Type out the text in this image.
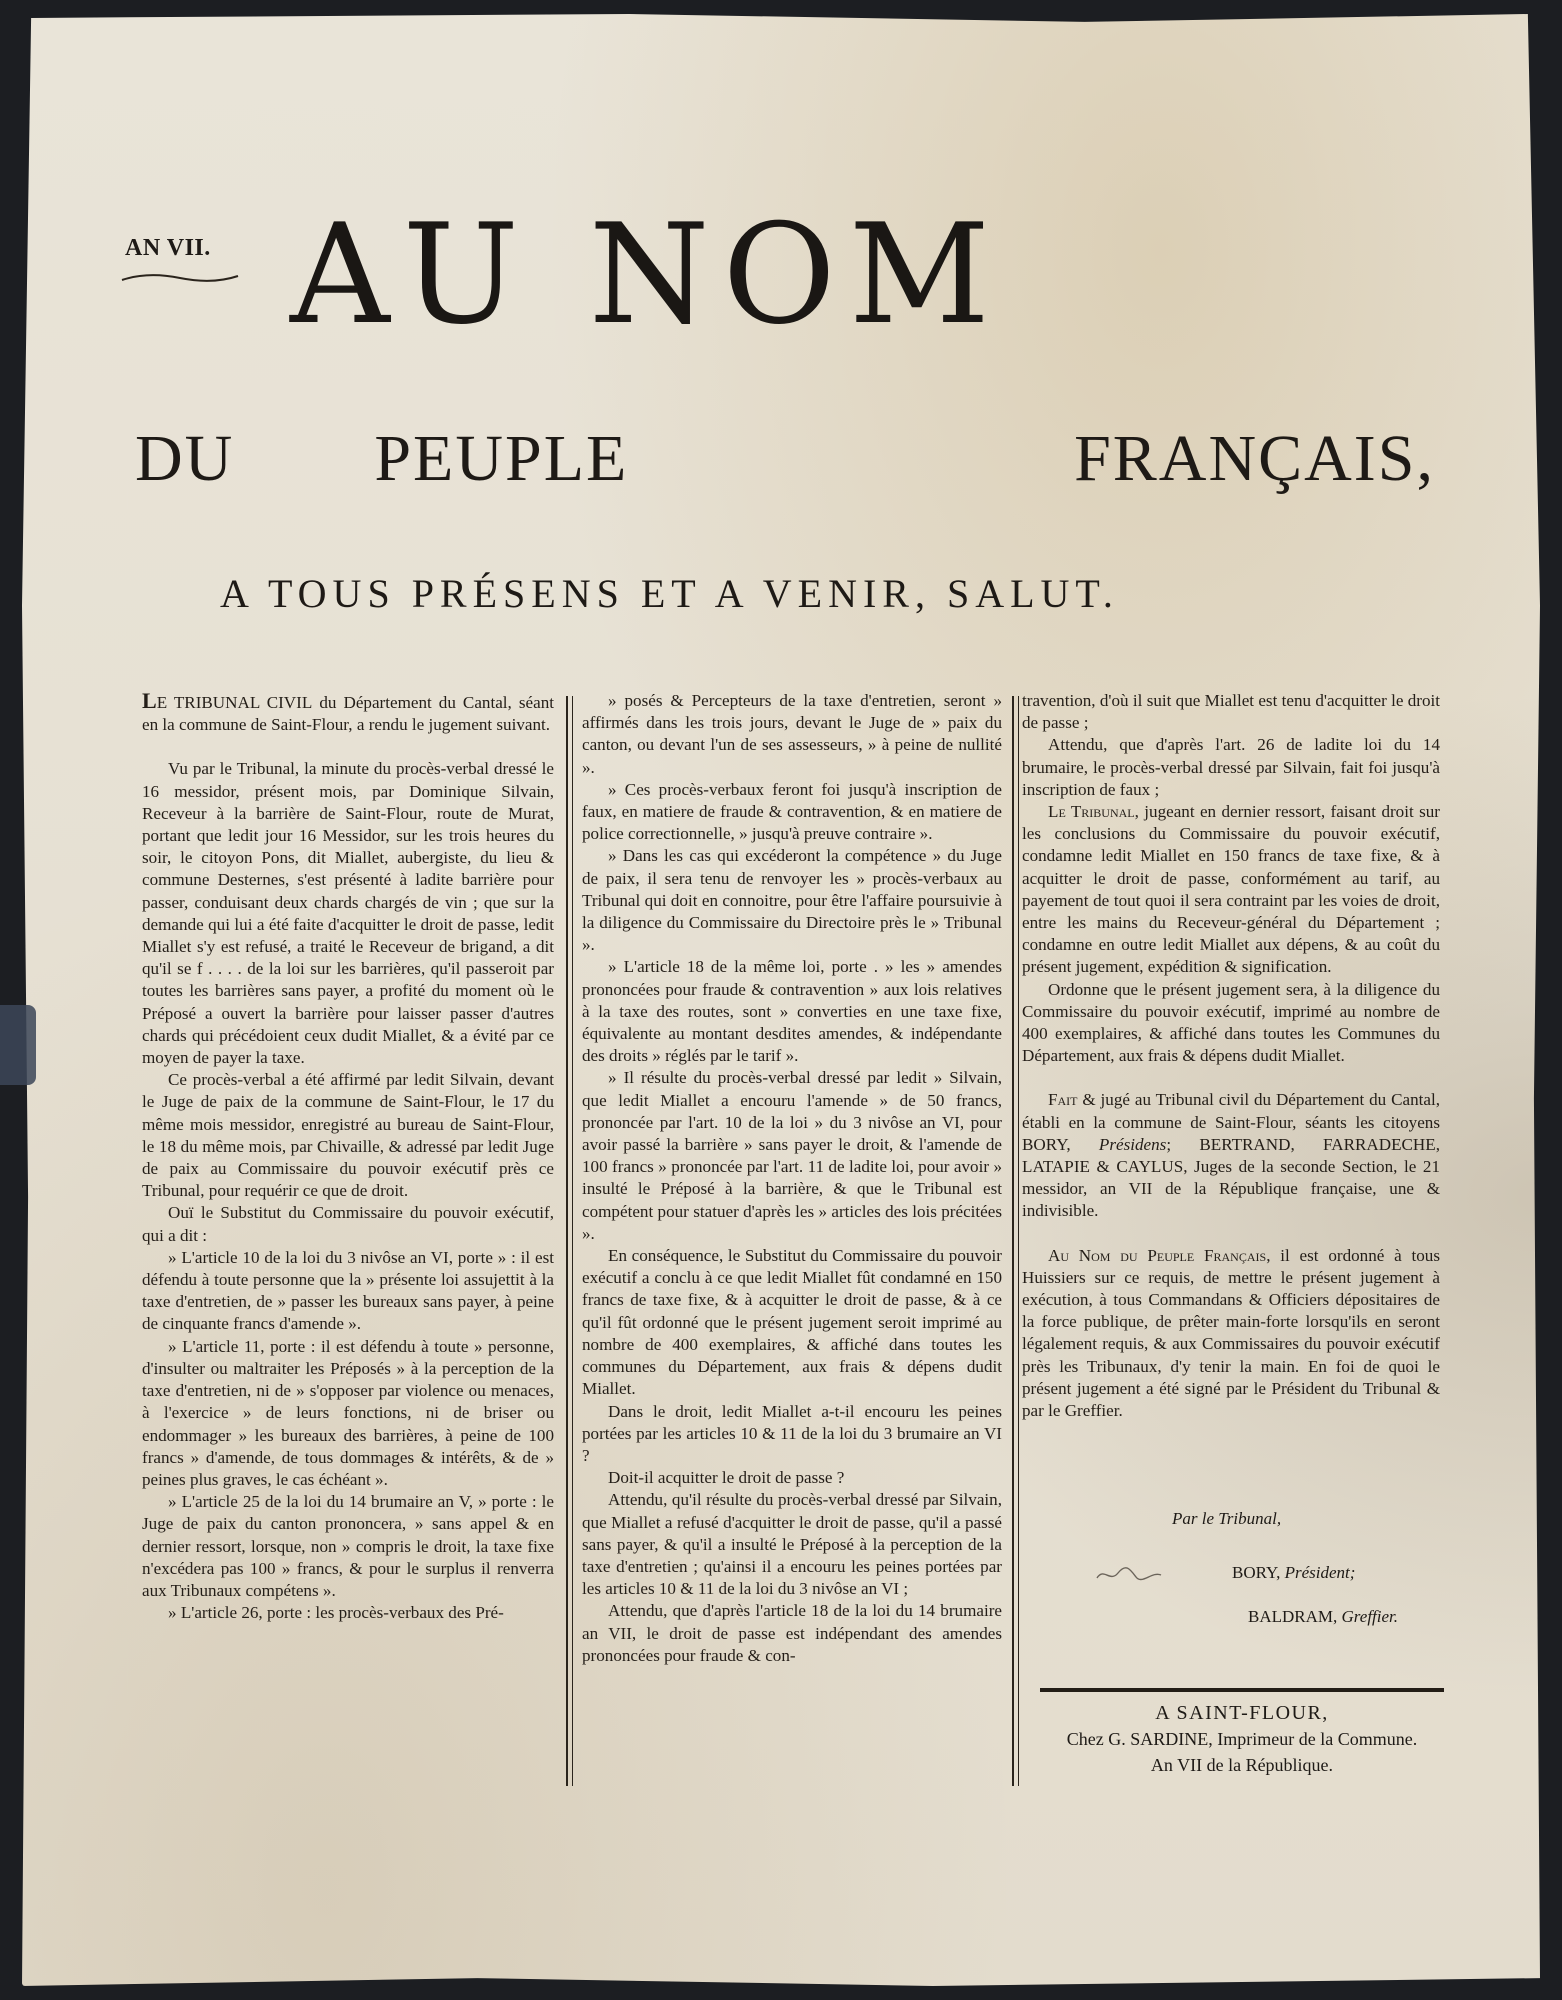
AN VII. AU NOM
DU PEUPLE	FRANÇAIS,
A TOUS PRÉSENS ET A VENIR, SALUT.

LE TRIBUNAL CIVIL du Département du Cantal, séant en la commune de Saint-Flour, a rendu le jugement suivant.

Vu par le Tribunal, la minute du procès-verbal dressé le 16 messidor, présent mois, par Dominique Silvain, Receveur à la barrière de Saint-Flour, route de Murat, portant que ledit jour 16 Messidor, sur les trois heures du soir, le citoyon Pons, dit Miallet, aubergiste, du lieu & commune Desternes, s'est présenté à ladite barrière pour passer, conduisant deux chards chargés de vin ; que sur la demande qui lui a été faite d'acquitter le droit de passe, ledit Miallet s'y est refusé, a traité le Receveur de brigand, a dit qu'il se f . . . . de la loi sur les barrières, qu'il passeroit par toutes les barrières sans payer, a profité du moment où le Préposé a ouvert la barrière pour laisser passer d'autres chards qui précédoient ceux dudit Miallet, & a évité par ce moyen de payer la taxe.

Ce procès-verbal a été affirmé par ledit Silvain, devant le Juge de paix de la commune de Saint-Flour, le 17 du même mois messidor, enregistré au bureau de Saint-Flour, le 18 du même mois, par Chivaille, & adressé par ledit Juge de paix au Commissaire du pouvoir exécutif près ce Tribunal, pour requérir ce que de droit.

Ouï le Substitut du Commissaire du pouvoir exécutif, qui a dit :

» L'article 10 de la loi du 3 nivôse an VI, porte » : il est défendu à toute personne que la » présente loi assujettit à la taxe d'entretien, de » passer les bureaux sans payer, à peine de cinquante francs d'amende ».

» L'article 11, porte : il est défendu à toute » personne, d'insulter ou maltraiter les Préposés » à la perception de la taxe d'entretien, ni de » s'opposer par violence ou menaces, à l'exercice » de leurs fonctions, ni de briser ou endommager » les bureaux des barrières, à peine de 100 francs » d'amende, de tous dommages & intérêts, & de » peines plus graves, le cas échéant ».

» L'article 25 de la loi du 14 brumaire an V, » porte : le Juge de paix du canton prononcera, » sans appel & en dernier ressort, lorsque, non » compris le droit, la taxe fixe n'excédera pas 100 » francs, & pour le surplus il renverra aux Tribunaux compétens ».

» L'article 26, porte : les procès-verbaux des Pré-

» posés & Percepteurs de la taxe d'entretien, seront » affirmés dans les trois jours, devant le Juge de » paix du canton, ou devant l'un de ses assesseurs, » à peine de nullité ».

» Ces procès-verbaux feront foi jusqu'à inscription de faux, en matiere de fraude & contravention, & en matiere de police correctionnelle, » jusqu'à preuve contraire ».

» Dans les cas qui excéderont la compétence » du Juge de paix, il sera tenu de renvoyer les » procès-verbaux au Tribunal qui doit en connoitre, pour être l'affaire poursuivie à la diligence du Commissaire du Directoire près le » Tribunal ».

» L'article 18 de la même loi, porte . » les » amendes prononcées pour fraude & contravention » aux lois relatives à la taxe des routes, sont » converties en une taxe fixe, équivalente au montant desdites amendes, & indépendante des droits » réglés par le tarif ».

» Il résulte du procès-verbal dressé par ledit » Silvain, que ledit Miallet a encouru l'amende » de 50 francs, prononcée par l'art. 10 de la loi » du 3 nivôse an VI, pour avoir passé la barrière » sans payer le droit, & l'amende de 100 francs » prononcée par l'art. 11 de ladite loi, pour avoir » insulté le Préposé à la barrière, & que le Tribunal est compétent pour statuer d'après les » articles des lois précitées ».

En conséquence, le Substitut du Commissaire du pouvoir exécutif a conclu à ce que ledit Miallet fût condamné en 150 francs de taxe fixe, & à acquitter le droit de passe, & à ce qu'il fût ordonné que le présent jugement seroit imprimé au nombre de 400 exemplaires, & affiché dans toutes les communes du Département, aux frais & dépens dudit Miallet.

Dans le droit, ledit Miallet a-t-il encouru les peines portées par les articles 10 & 11 de la loi du 3 brumaire an VI ?

Doit-il acquitter le droit de passe ?

Attendu, qu'il résulte du procès-verbal dressé par Silvain, que Miallet a refusé d'acquitter le droit de passe, qu'il a passé sans payer, & qu'il a insulté le Préposé à la perception de la taxe d'entretien ; qu'ainsi il a encouru les peines portées par les articles 10 & 11 de la loi du 3 nivôse an VI ;

Attendu, que d'après l'article 18 de la loi du 14 brumaire an VII, le droit de passe est indépendant des amendes prononcées pour fraude & con-

travention, d'où il suit que Miallet est tenu d'acquitter le droit de passe ;

Attendu, que d'après l'art. 26 de ladite loi du 14 brumaire, le procès-verbal dressé par Silvain, fait foi jusqu'à inscription de faux ;

Le Tribunal, jugeant en dernier ressort, faisant droit sur les conclusions du Commissaire du pouvoir exécutif, condamne ledit Miallet en 150 francs de taxe fixe, & à acquitter le droit de passe, conformément au tarif, au payement de tout quoi il sera contraint par les voies de droit, entre les mains du Receveur-général du Département ; condamne en outre ledit Miallet aux dépens, & au coût du présent jugement, expédition & signification.

Ordonne que le présent jugement sera, à la diligence du Commissaire du pouvoir exécutif, imprimé au nombre de 400 exemplaires, & affiché dans toutes les Communes du Département, aux frais & dépens dudit Miallet.

Fait & jugé au Tribunal civil du Département du Cantal, établi en la commune de Saint-Flour, séants les citoyens BORY, Présidens; BERTRAND, FARRADECHE, LATAPIE & CAYLUS, Juges de la seconde Section, le 21 messidor, an VII de la République française, une & indivisible.

Au Nom du Peuple Français, il est ordonné à tous Huissiers sur ce requis, de mettre le présent jugement à exécution, à tous Commandans & Officiers dépositaires de la force publique, de prêter main-forte lorsqu'ils en seront légalement requis, & aux Commissaires du pouvoir exécutif près les Tribunaux, d'y tenir la main. En foi de quoi le présent jugement a été signé par le Président du Tribunal & par le Greffier.

Par le Tribunal,
BORY, Président;
BALDRAM, Greffier.
A SAINT-FLOUR,
Chez G. SARDINE, Imprimeur de la Commune.
An VII de la République.
